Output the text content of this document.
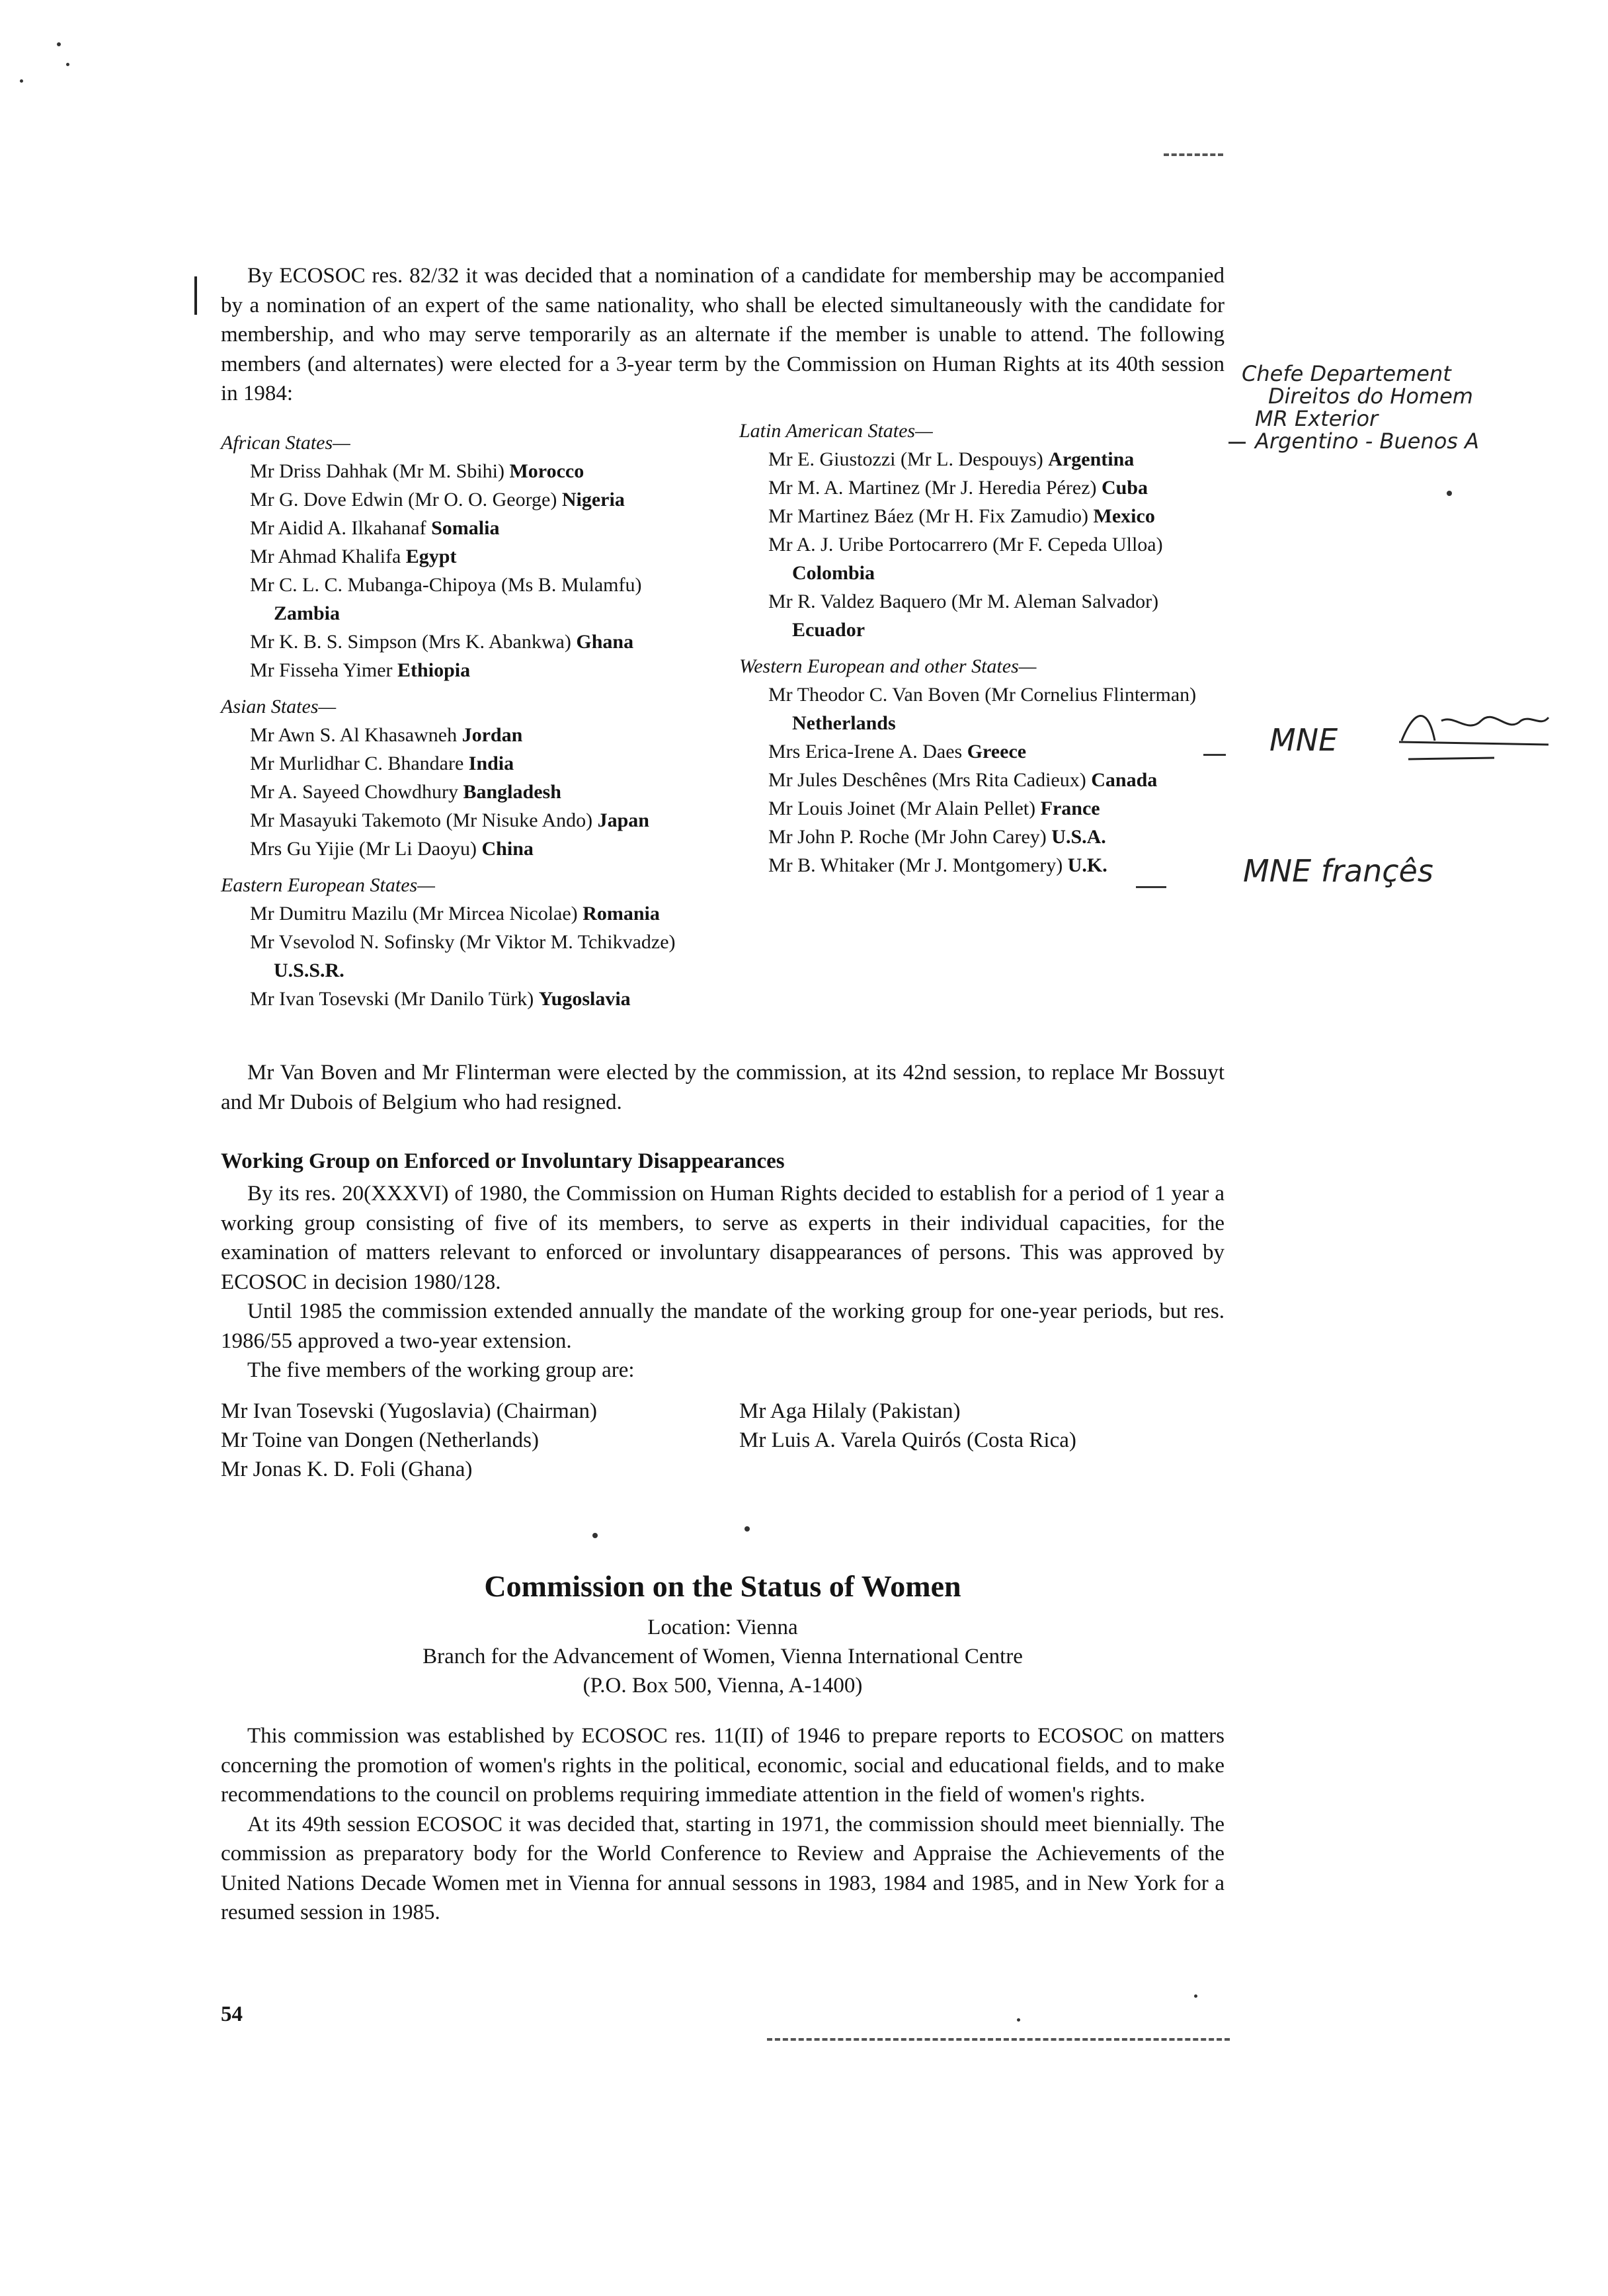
By ECOSOC res. 82/32 it was decided that a nomination of a candidate for membership may be accompanied by a nomination of an expert of the same nationality, who shall be elected simultaneously with the candidate for membership, and who may serve temporarily as an alternate if the member is unable to attend. The following members (and alternates) were elected for a 3-year term by the Commission on Human Rights at its 40th session in 1984:

African States—
Mr Driss Dahhak (Mr M. Sbihi) Morocco
Mr G. Dove Edwin (Mr O. O. George) Nigeria
Mr Aidid A. Ilkahanaf Somalia
Mr Ahmad Khalifa Egypt
Mr C. L. C. Mubanga-Chipoya (Ms B. Mulamfu) Zambia
Mr K. B. S. Simpson (Mrs K. Abankwa) Ghana
Mr Fisseha Yimer Ethiopia
Asian States—
Mr Awn S. Al Khasawneh Jordan
Mr Murlidhar C. Bhandare India
Mr A. Sayeed Chowdhury Bangladesh
Mr Masayuki Takemoto (Mr Nisuke Ando) Japan
Mrs Gu Yijie (Mr Li Daoyu) China
Eastern European States—
Mr Dumitru Mazilu (Mr Mircea Nicolae) Romania
Mr Vsevolod N. Sofinsky (Mr Viktor M. Tchikvadze) U.S.S.R.
Mr Ivan Tosevski (Mr Danilo Türk) Yugoslavia
Latin American States—
Mr E. Giustozzi (Mr L. Despouys) Argentina
Mr M. A. Martinez (Mr J. Heredia Pérez) Cuba
Mr Martinez Báez (Mr H. Fix Zamudio) Mexico
Mr A. J. Uribe Portocarrero (Mr F. Cepeda Ulloa) Colombia
Mr R. Valdez Baquero (Mr M. Aleman Salvador) Ecuador
Western European and other States—
Mr Theodor C. Van Boven (Mr Cornelius Flinterman) Netherlands
Mrs Erica-Irene A. Daes Greece
Mr Jules Deschênes (Mrs Rita Cadieux) Canada
Mr Louis Joinet (Mr Alain Pellet) France
Mr John P. Roche (Mr John Carey) U.S.A.
Mr B. Whitaker (Mr J. Montgomery) U.K.
Chefe Departement
Direitos do Homem
MR Exterior
Argentino - Buenos A
MNE
MNE françês

Mr Van Boven and Mr Flinterman were elected by the commission, at its 42nd session, to replace Mr Bossuyt and Mr Dubois of Belgium who had resigned.

Working Group on Enforced or Involuntary Disappearances

By its res. 20(XXXVI) of 1980, the Commission on Human Rights decided to establish for a period of 1 year a working group consisting of five of its members, to serve as experts in their individual capacities, for the examination of matters relevant to enforced or involuntary disappearances of persons. This was approved by ECOSOC in decision 1980/128.

Until 1985 the commission extended annually the mandate of the working group for one-year periods, but res. 1986/55 approved a two-year extension.

The five members of the working group are:

Mr Ivan Tosevski (Yugoslavia) (Chairman)
Mr Toine van Dongen (Netherlands)
Mr Jonas K. D. Foli (Ghana)
Mr Aga Hilaly (Pakistan)
Mr Luis A. Varela Quirós (Costa Rica)
Commission on the Status of Women
Location: Vienna
Branch for the Advancement of Women, Vienna International Centre
(P.O. Box 500, Vienna, A-1400)

This commission was established by ECOSOC res. 11(II) of 1946 to prepare reports to ECOSOC on matters concerning the promotion of women's rights in the political, economic, social and educational fields, and to make recommendations to the council on problems requiring immediate attention in the field of women's rights.

At its 49th session ECOSOC it was decided that, starting in 1971, the commission should meet biennially. The commission as preparatory body for the World Conference to Review and Appraise the Achievements of the United Nations Decade Women met in Vienna for annual sessons in 1983, 1984 and 1985, and in New York for a resumed session in 1985.

54
